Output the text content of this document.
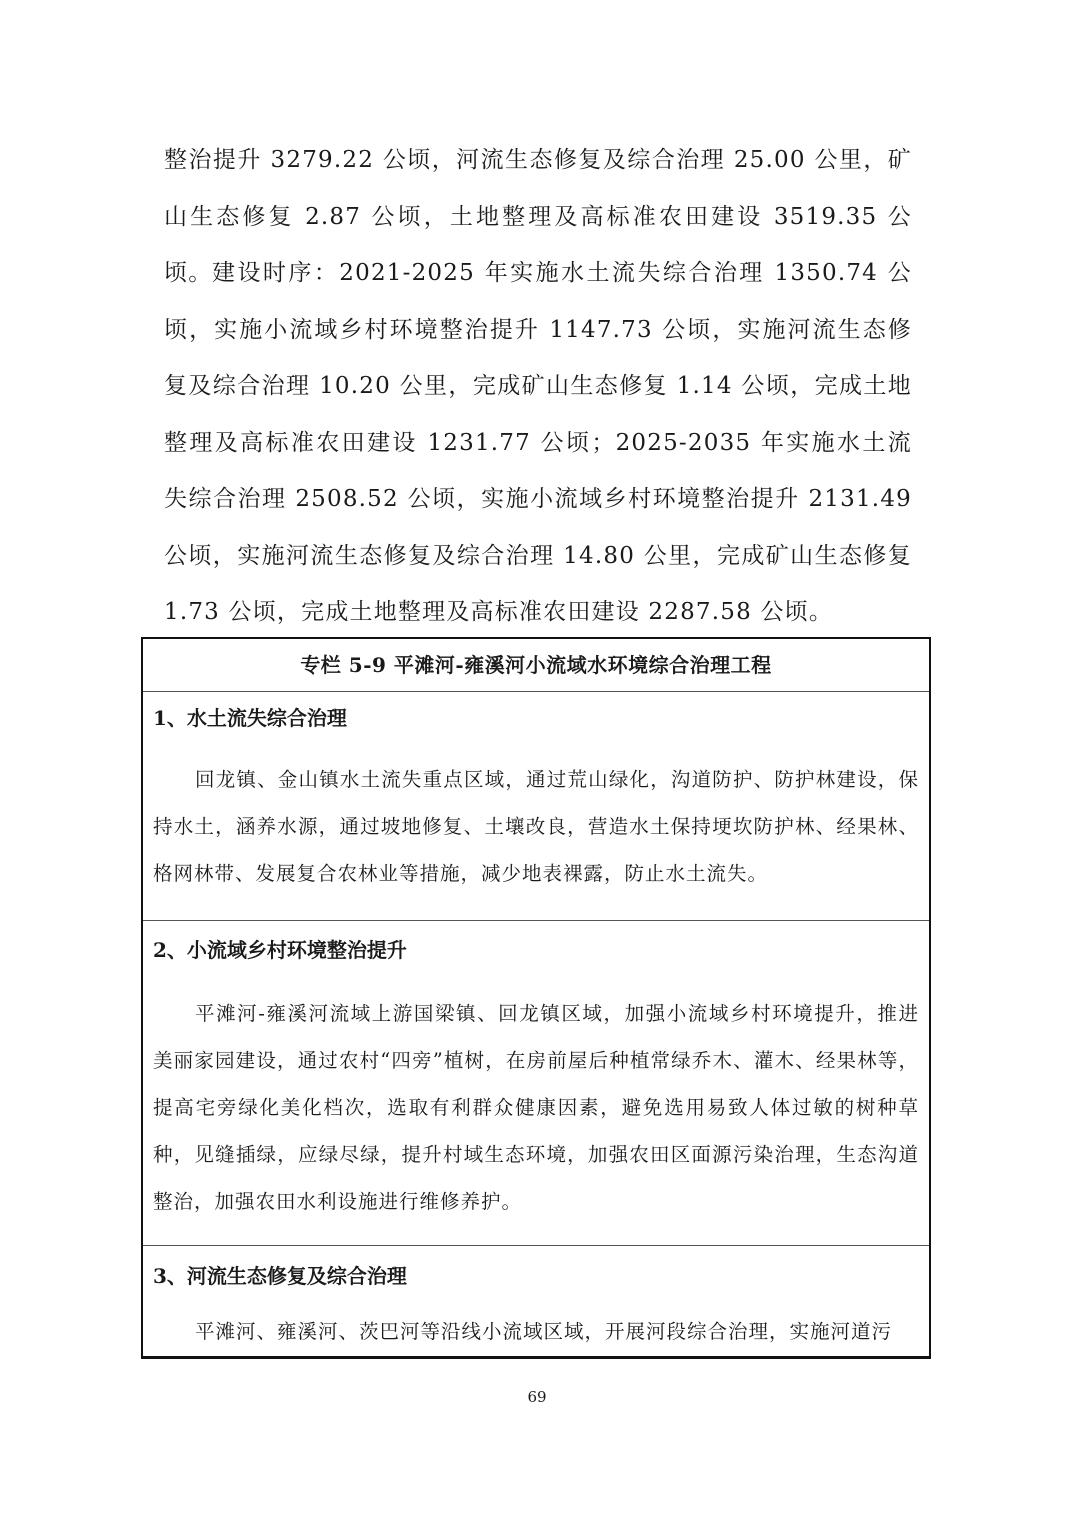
整治提升 3279.22 公顷，河流生态修复及综合治理 25.00 公里，矿山生态修复 2.87 公顷，土地整理及高标准农田建设 3519.35 公顷。 建设时序：2021-2025 年实施水土流失综合治理 1350.74 公顷，实施小流域乡村环境整治提升 1147.73 公顷，实施河流生态修复及综合治理 10.20 公里，完成矿山生态修复 1.14 公顷，完成土地整理及高标准农田建设 1231.77 公顷；2025-2035 年实施水土流失综合治理 2508.52 公顷，实施小流域乡村环境整治提升 2131.49 公顷，实施河流生态修复及综合治理 14.80 公里，完成矿山生态修复 1.73 公顷，完成土地整理及高标准农田建设 2287.58 公顷。

专栏 5-9 平滩河-雍溪河小流域水环境综合治理工程

1、水土流失综合治理

回龙镇、金山镇水土流失重点区域，通过荒山绿化，沟道防护、防护林建设，保持水土，涵养水源，通过坡地修复、土壤改良，营造水土保持埂坎防护林、经果林、格网林带、发展复合农林业等措施，减少地表裸露，防止水土流失。

2、小流域乡村环境整治提升

平滩河-雍溪河流域上游国梁镇、回龙镇区域，加强小流域乡村环境提升，推进美丽家园建设，通过农村“四旁”植树，在房前屋后种植常绿乔木、灌木、经果林等，提高宅旁绿化美化档次，选取有利群众健康因素，避免选用易致人体过敏的树种草种，见缝插绿，应绿尽绿，提升村域生态环境，加强农田区面源污染治理，生态沟道整治，加强农田水利设施进行维修养护。

3、河流生态修复及综合治理

平滩河、雍溪河、茨巴河等沿线小流域区域，开展河段综合治理，实施河道污

69
